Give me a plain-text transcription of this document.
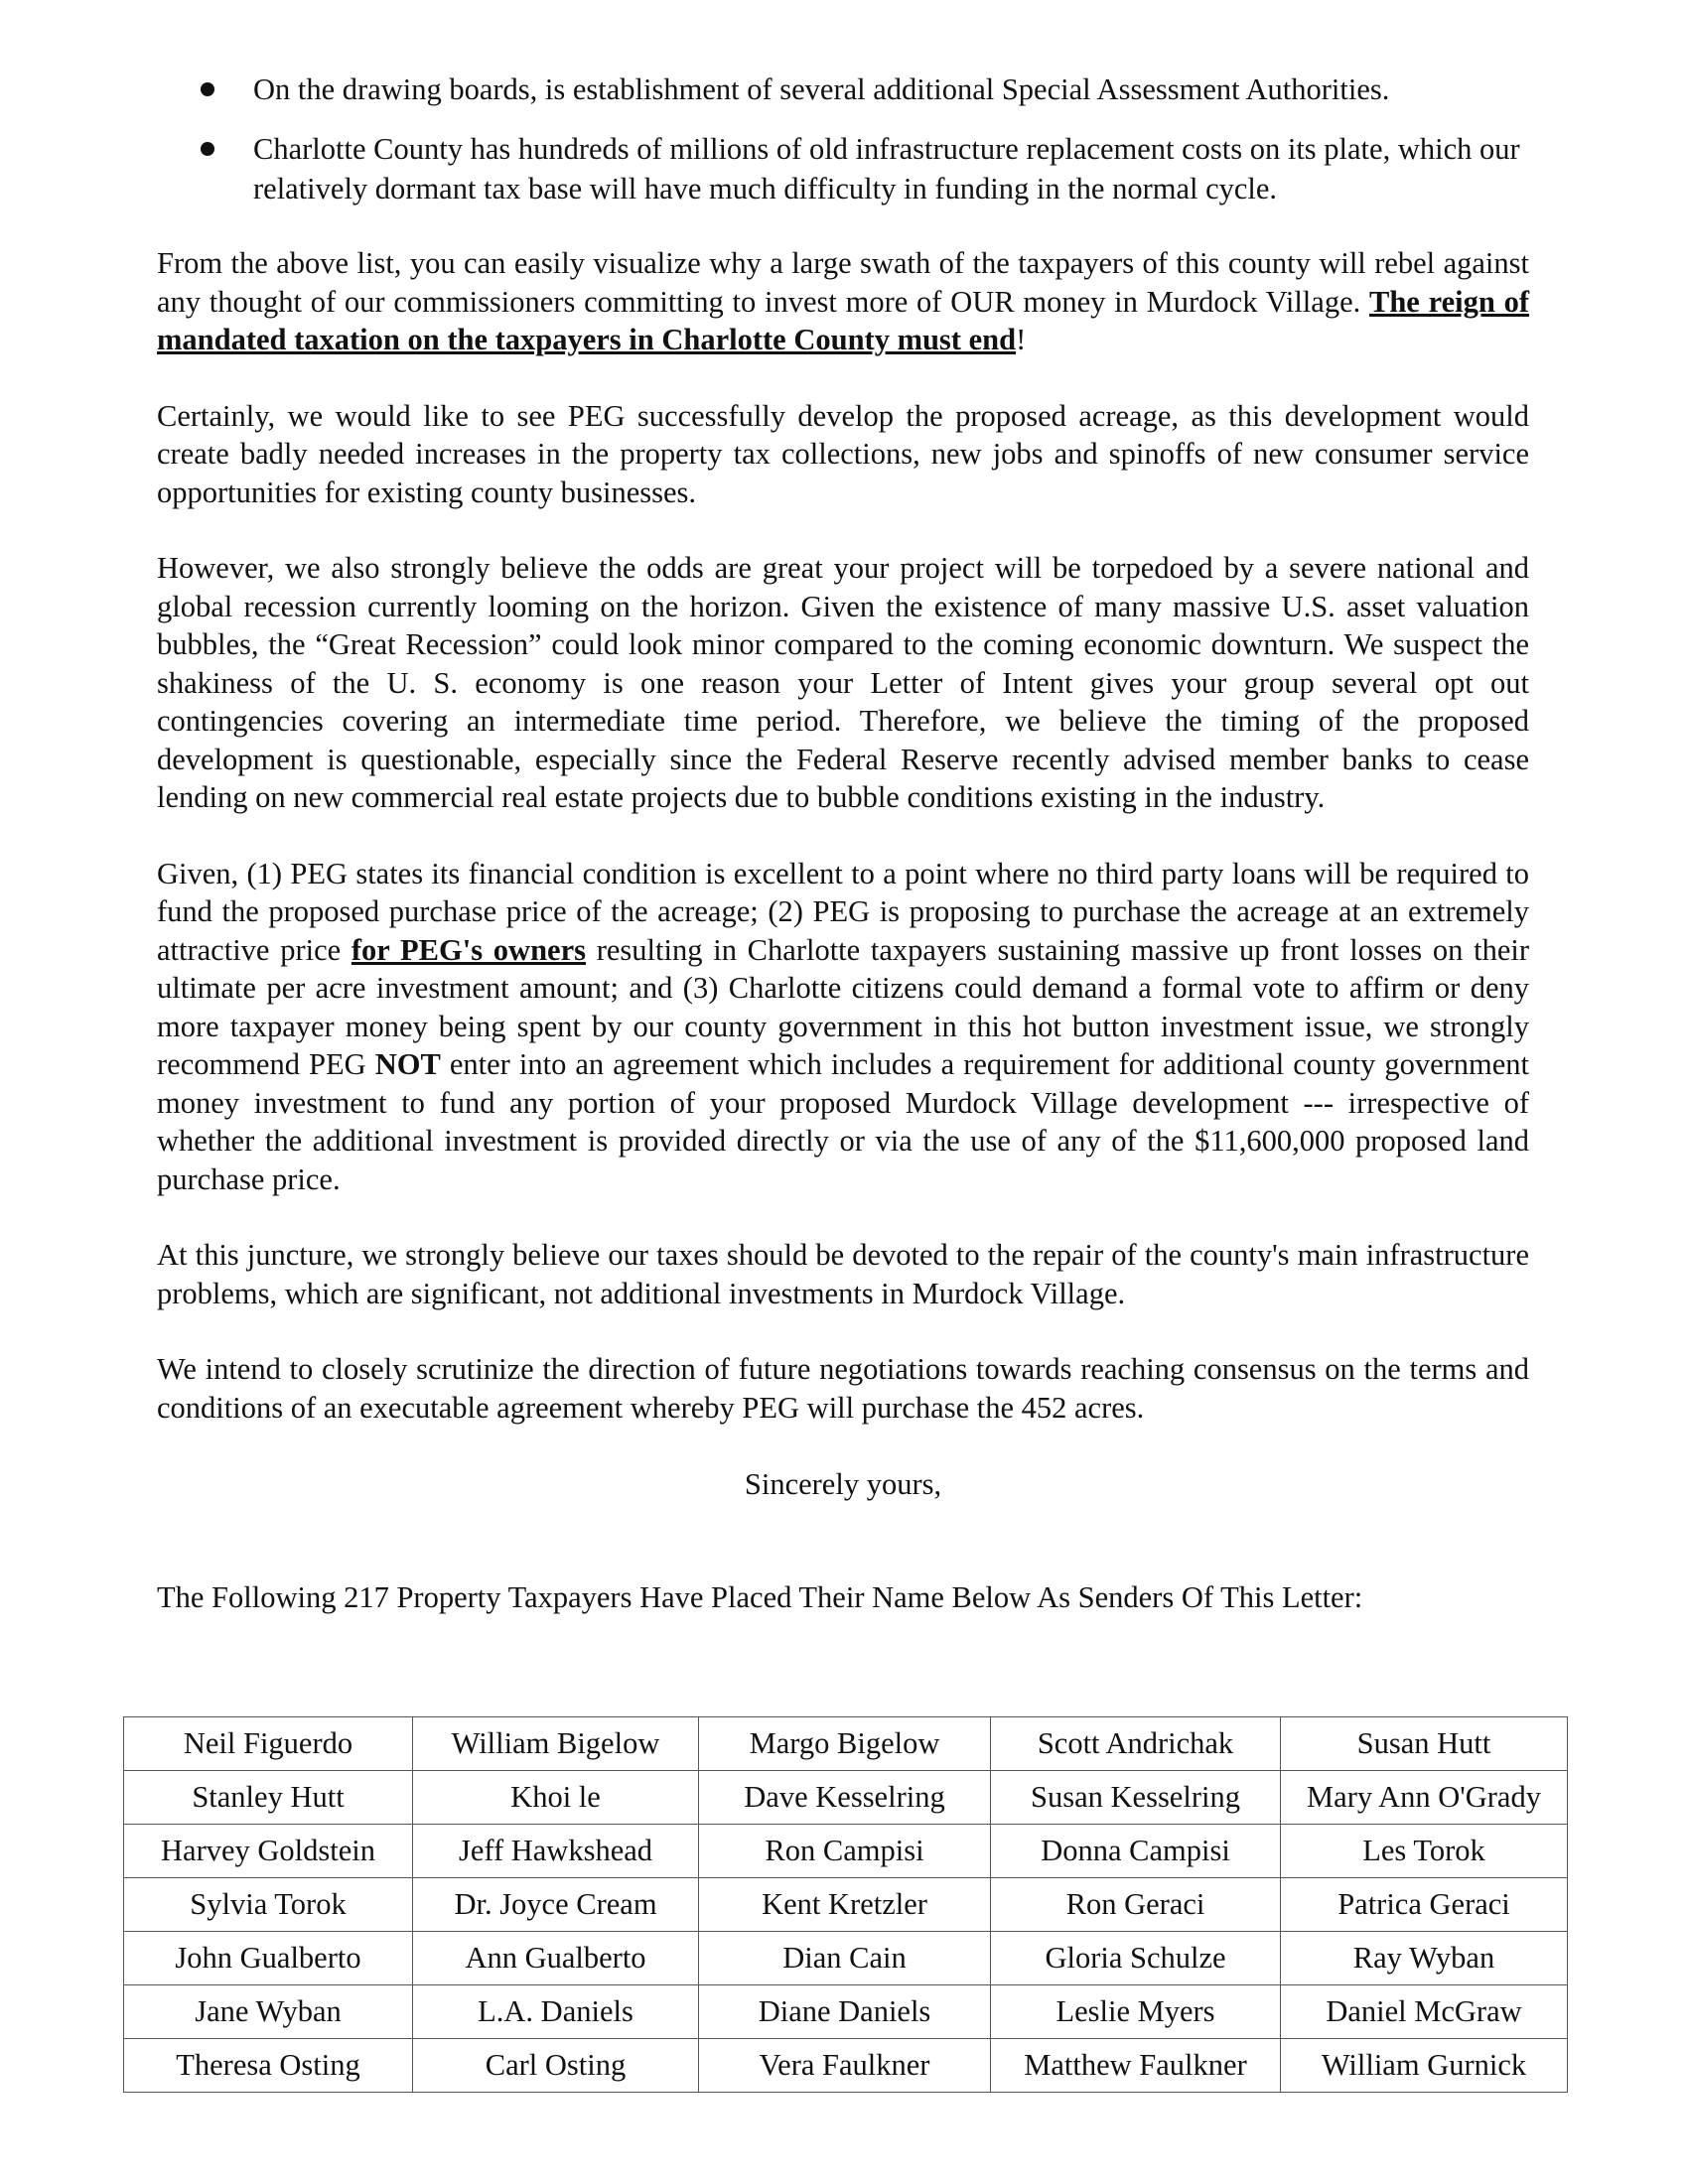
On the drawing boards, is establishment of several additional Special Assessment Authorities.
Charlotte County has hundreds of millions of old infrastructure replacement costs on its plate, which our relatively dormant tax base will have much difficulty in funding in the normal cycle.

From the above list, you can easily visualize why a large swath of the taxpayers of this county will rebel against any thought of our commissioners committing to invest more of OUR money in Murdock Village. The reign of mandated taxation on the taxpayers in Charlotte County must end!

Certainly, we would like to see PEG successfully develop the proposed acreage, as this development would create badly needed increases in the property tax collections, new jobs and spinoffs of new consumer service opportunities for existing county businesses.

However, we also strongly believe the odds are great your project will be torpedoed by a severe national and global recession currently looming on the horizon. Given the existence of many massive U.S. asset valuation bubbles, the “Great Recession” could look minor compared to the coming economic downturn. We suspect the shakiness of the U. S. economy is one reason your Letter of Intent gives your group several opt out contingencies covering an intermediate time period. Therefore, we believe the timing of the proposed development is questionable, especially since the Federal Reserve recently advised member banks to cease lending on new commercial real estate projects due to bubble conditions existing in the industry.

Given, (1) PEG states its financial condition is excellent to a point where no third party loans will be required to fund the proposed purchase price of the acreage; (2) PEG is proposing to purchase the acreage at an extremely attractive price for PEG's owners resulting in Charlotte taxpayers sustaining massive up front losses on their ultimate per acre investment amount; and (3) Charlotte citizens could demand a formal vote to affirm or deny more taxpayer money being spent by our county government in this hot button investment issue, we strongly recommend PEG NOT enter into an agreement which includes a requirement for additional county government money investment to fund any portion of your proposed Murdock Village development --- irrespective of whether the additional investment is provided directly or via the use of any of the $11,600,000 proposed land purchase price.

At this juncture, we strongly believe our taxes should be devoted to the repair of the county's main infrastructure problems, which are significant, not additional investments in Murdock Village.

We intend to closely scrutinize the direction of future negotiations towards reaching consensus on the terms and conditions of an executable agreement whereby PEG will purchase the 452 acres.

Sincerely yours,

The Following 217 Property Taxpayers Have Placed Their Name Below As Senders Of This Letter:

Neil Figuerdo	William Bigelow	Margo Bigelow	Scott Andrichak	Susan Hutt
Stanley Hutt	Khoi le	Dave Kesselring	Susan Kesselring	Mary Ann O'Grady
Harvey Goldstein	Jeff Hawkshead	Ron Campisi	Donna Campisi	Les Torok
Sylvia Torok	Dr. Joyce Cream	Kent Kretzler	Ron Geraci	Patrica Geraci
John Gualberto	Ann Gualberto	Dian Cain	Gloria Schulze	Ray Wyban
Jane Wyban	L.A. Daniels	Diane Daniels	Leslie Myers	Daniel McGraw
Theresa Osting	Carl Osting	Vera Faulkner	Matthew Faulkner	William Gurnick
